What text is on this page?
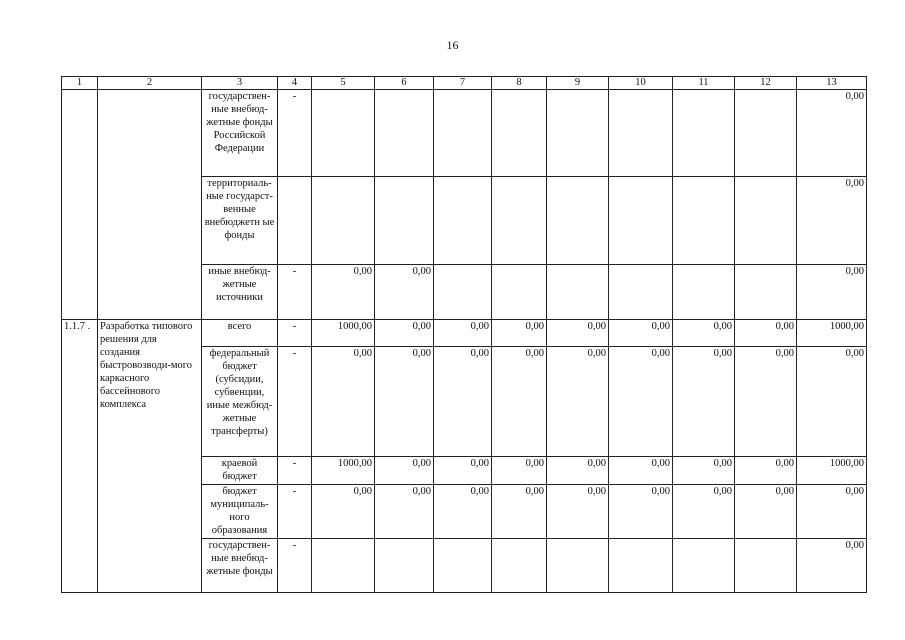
16
1	2	3	4	5	6	7	8	9	10	11	12	13
		государствен-ные внебюд-жетные фонды Российской Федерации	-									0,00
		территориаль-ные государст-венные внебюджетн ые фонды										0,00
		иные внебюд-жетные источники	-	0,00	0,00							0,00
1.1.7 .	Разработка типового решения для создания быстровозводи-мого каркасного бассейнового комплекса	всего	-	1000,00	0,00	0,00	0,00	0,00	0,00	0,00	0,00	1000,00
		федеральный бюджет (субсидии, субвенции, иные межбюд-жетные трансферты)	-	0,00	0,00	0,00	0,00	0,00	0,00	0,00	0,00	0,00
		краевой бюджет	-	1000,00	0,00	0,00	0,00	0,00	0,00	0,00	0,00	1000,00
		бюджет муниципаль-ного образования	-	0,00	0,00	0,00	0,00	0,00	0,00	0,00	0,00	0,00
		государствен-ные внебюд-жетные фонды	-									0,00
